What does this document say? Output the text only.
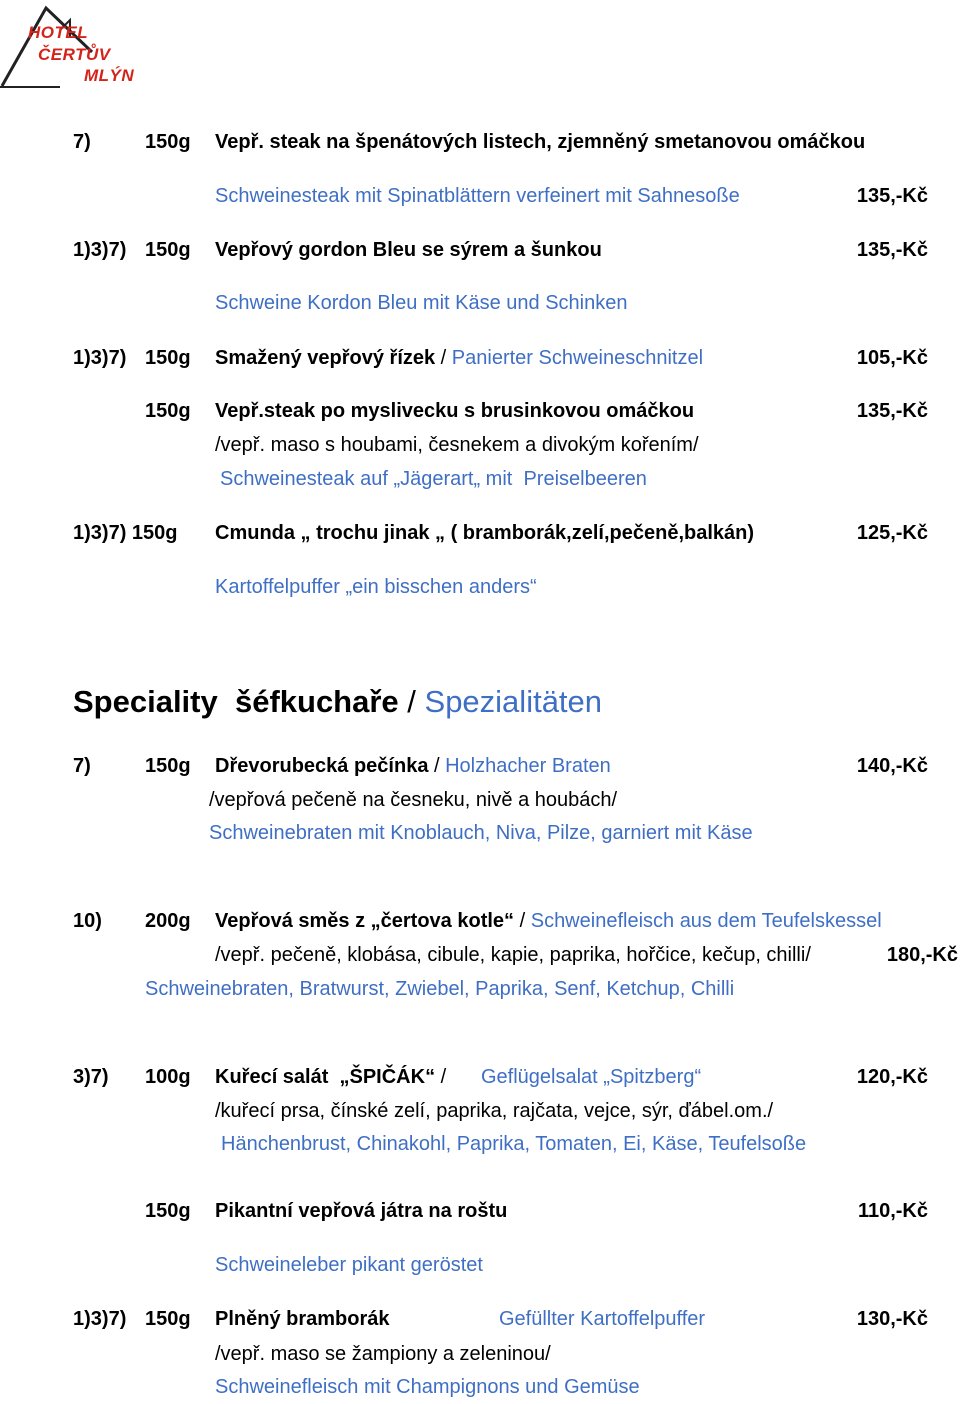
HOTEL
ČERTŮV
MLÝN
7)	150g Vepř. steak na špenátových listech, zjemněný smetanovou omáčkou
Schweinesteak mit Spinatblättern verfeinert mit Sahnesoße	135,-Kč
1)3)7) 150g Vepřový gordon Bleu se sýrem a šunkou	135,-Kč
Schweine Kordon Bleu mit Käse und Schinken
1)3)7) 150g Smažený vepřový řízek / Panierter Schweineschnitzel	105,-Kč
150g Vepř.steak po myslivecku s brusinkovou omáčkou	135,-Kč
/vepř. maso s houbami, česnekem a divokým kořením/
Schweinesteak auf „Jägerart„ mit  Preiselbeeren
1)3)7) 150g Cmunda „ trochu jinak „ ( bramborák,zelí,pečeně,balkán)	125,-Kč
Kartoffelpuffer „ein bisschen anders“
Speciality  šéfkuchaře / Spezialitäten
7)	150g Dřevorubecká pečínka / Holzhacher Braten	140,-Kč
/vepřová pečeně na česneku, nivě a houbách/
Schweinebraten mit Knoblauch, Niva, Pilze, garniert mit Käse
10) 200g Vepřová směs z „čertova kotle“ / Schweinefleisch aus dem Teufelskessel
/vepř. pečeně, klobása, cibule, kapie, paprika, hořčice, kečup, chilli/	180,-Kč
Schweinebraten, Bratwurst, Zwiebel, Paprika, Senf, Ketchup, Chilli
3)7) 100g Kuřecí salát  „ŠPIČÁK“ / Geflügelsalat „Spitzberg“	120,-Kč
/kuřecí prsa, čínské zelí, paprika, rajčata, vejce, sýr, ďábel.om./
Hänchenbrust, Chinakohl, Paprika, Tomaten, Ei, Käse, Teufelsoße
150g Pikantní vepřová játra na roštu	110,-Kč
Schweineleber pikant geröstet
1)3)7) 150g Plněný bramborák	Gefüllter Kartoffelpuffer	130,-Kč
/vepř. maso se žampiony a zeleninou/
Schweinefleisch mit Champignons und Gemüse
